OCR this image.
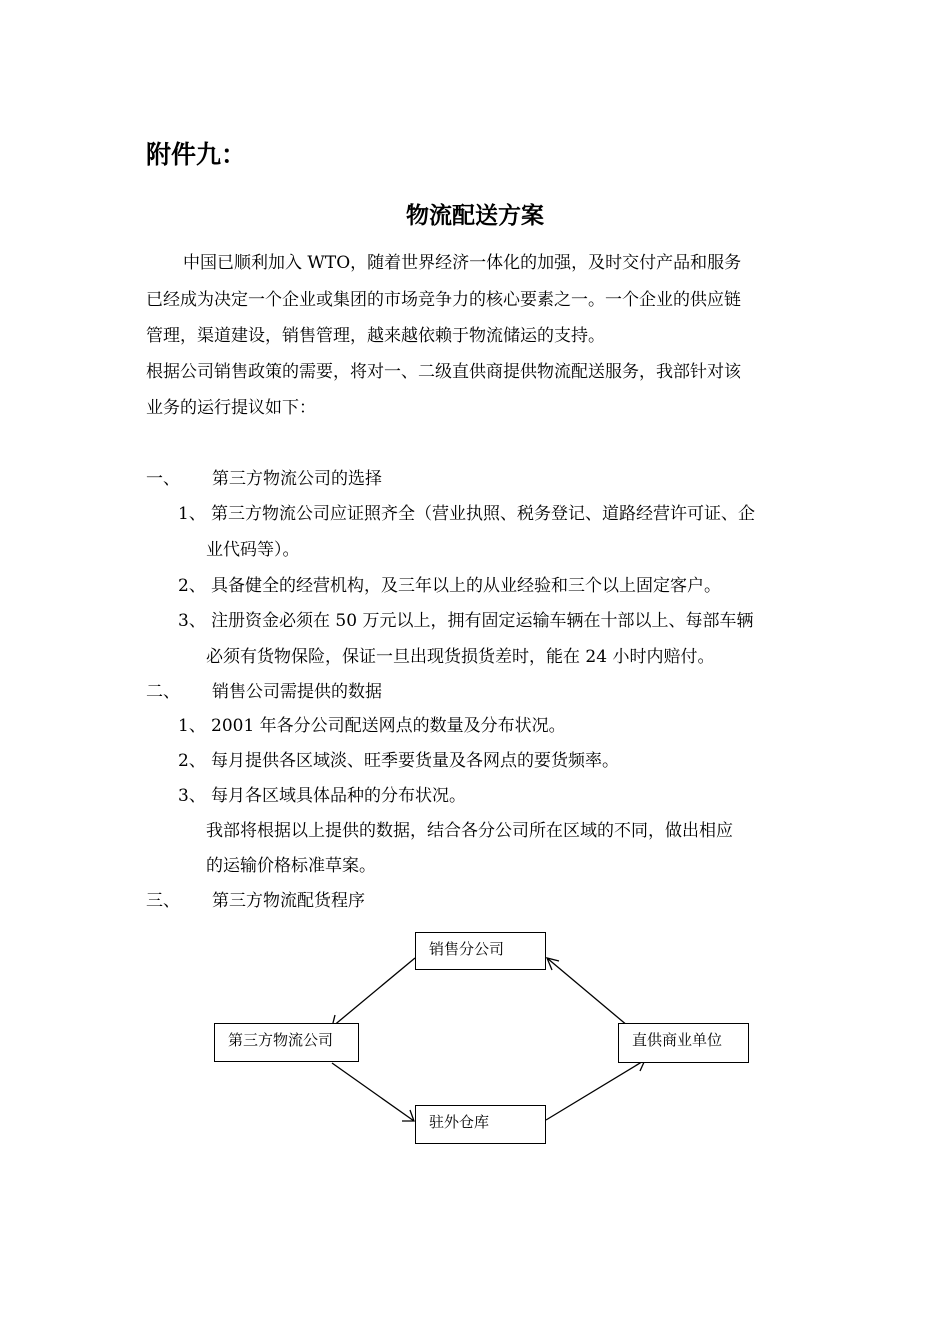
附件九：
物流配送方案
中国已顺利加入 WTO，随着世界经济一体化的加强，及时交付产品和服务
已经成为决定一个企业或集团的市场竞争力的核心要素之一。一个企业的供应链
管理，渠道建设，销售管理，越来越依赖于物流储运的支持。
根据公司销售政策的需要，将对一、二级直供商提供物流配送服务，我部针对该
业务的运行提议如下：
一、 第三方物流公司的选择
1、 第三方物流公司应证照齐全（营业执照、税务登记、道路经营许可证、企
业代码等）。
2、 具备健全的经营机构，及三年以上的从业经验和三个以上固定客户。
3、 注册资金必须在 50 万元以上，拥有固定运输车辆在十部以上、每部车辆
必须有货物保险，保证一旦出现货损货差时，能在 24 小时内赔付。
二、 销售公司需提供的数据
1、 2001 年各分公司配送网点的数量及分布状况。
2、 每月提供各区域淡、旺季要货量及各网点的要货频率。
3、 每月各区域具体品种的分布状况。
我部将根据以上提供的数据，结合各分公司所在区域的不同，做出相应
的运输价格标准草案。
三、 第三方物流配货程序
销售分公司
第三方物流公司	直供商业单位
驻外仓库
